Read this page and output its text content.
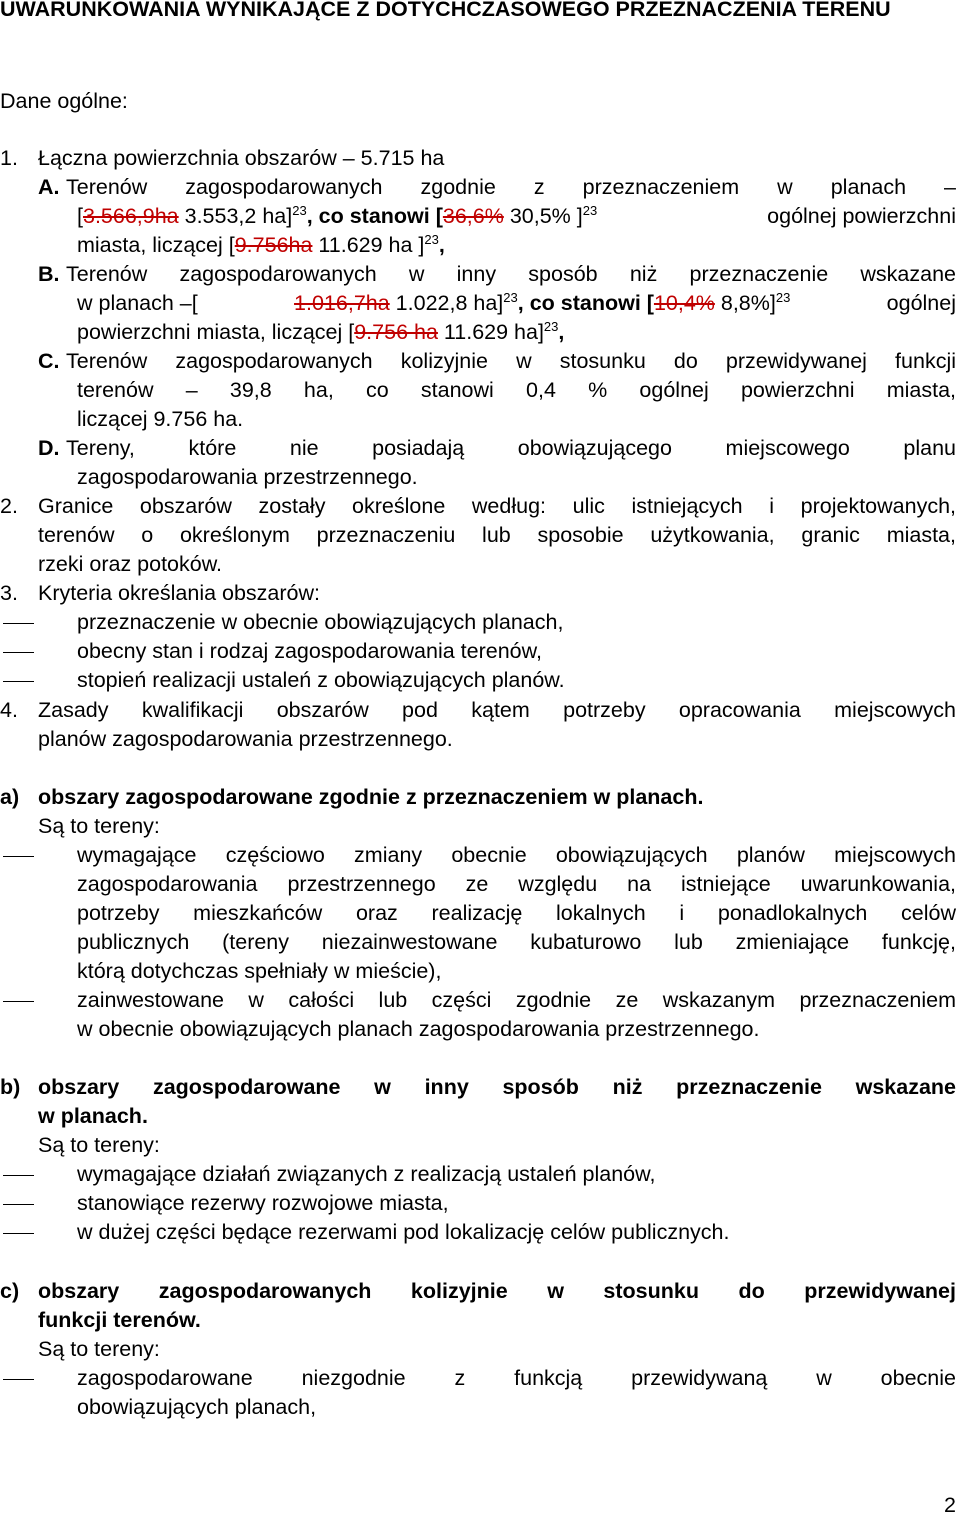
UWARUNKOWANIA WYNIKAJĄCE Z DOTYCHCZASOWEGO PRZEZNACZENIA TERENU
Dane ogólne:
1. Łączna powierzchnia obszarów – 5.715 ha
A. Terenów zagospodarowanych zgodnie z przeznaczeniem w planach –
[3.566,9ha 3.553,2 ha]$^{23}$, co stanowi [36,6% 30,5% ]$^{23}$	ogólnej powierzchni
miasta, liczącej [9.756ha 11.629 ha ]$^{23}$,
B. Terenów zagospodarowanych w inny sposób niż przeznaczenie wskazane
w planach –[	1.016,7ha 1.022,8 ha]$^{23}$, co stanowi [10,4% 8,8%]$^{23}$	ogólnej
powierzchni miasta, liczącej [9.756 ha 11.629 ha]$^{23}$,
C. Terenów zagospodarowanych kolizyjnie w stosunku do przewidywanej funkcji
terenów – 39,8 ha, co stanowi 0,4 % ogólnej powierzchni miasta,
liczącej 9.756 ha.
D. Tereny, które nie posiadają obowiązującego miejscowego planu
zagospodarowania przestrzennego.
2. Granice obszarów zostały określone według: ulic istniejących i projektowanych,
terenów o określonym przeznaczeniu lub sposobie użytkowania, granic miasta,
rzeki oraz potoków.
3. Kryteria określania obszarów:
przeznaczenie w obecnie obowiązujących planach,
obecny stan i rodzaj zagospodarowania terenów,
stopień realizacji ustaleń z obowiązujących planów.
4. Zasady kwalifikacji obszarów pod kątem potrzeby opracowania miejscowych
planów zagospodarowania przestrzennego.
a) obszary zagospodarowane zgodnie z przeznaczeniem w planach.
Są to tereny:
wymagające częściowo zmiany obecnie obowiązujących planów miejscowych
zagospodarowania przestrzennego ze względu na istniejące uwarunkowania,
potrzeby mieszkańców oraz realizację lokalnych i ponadlokalnych celów
publicznych (tereny niezainwestowane kubaturowo lub zmieniające funkcję,
którą dotychczas spełniały w mieście),
zainwestowane w całości lub części zgodnie ze wskazanym przeznaczeniem
w obecnie obowiązujących planach zagospodarowania przestrzennego.
b) obszary zagospodarowane w inny sposób niż przeznaczenie wskazane
w planach.
Są to tereny:
wymagające działań związanych z realizacją ustaleń planów,
stanowiące rezerwy rozwojowe miasta,
w dużej części będące rezerwami pod lokalizację celów publicznych.
c) obszary zagospodarowanych kolizyjnie w stosunku do przewidywanej
funkcji terenów.
Są to tereny:
zagospodarowane niezgodnie z funkcją przewidywaną w obecnie
obowiązujących planach,
2
